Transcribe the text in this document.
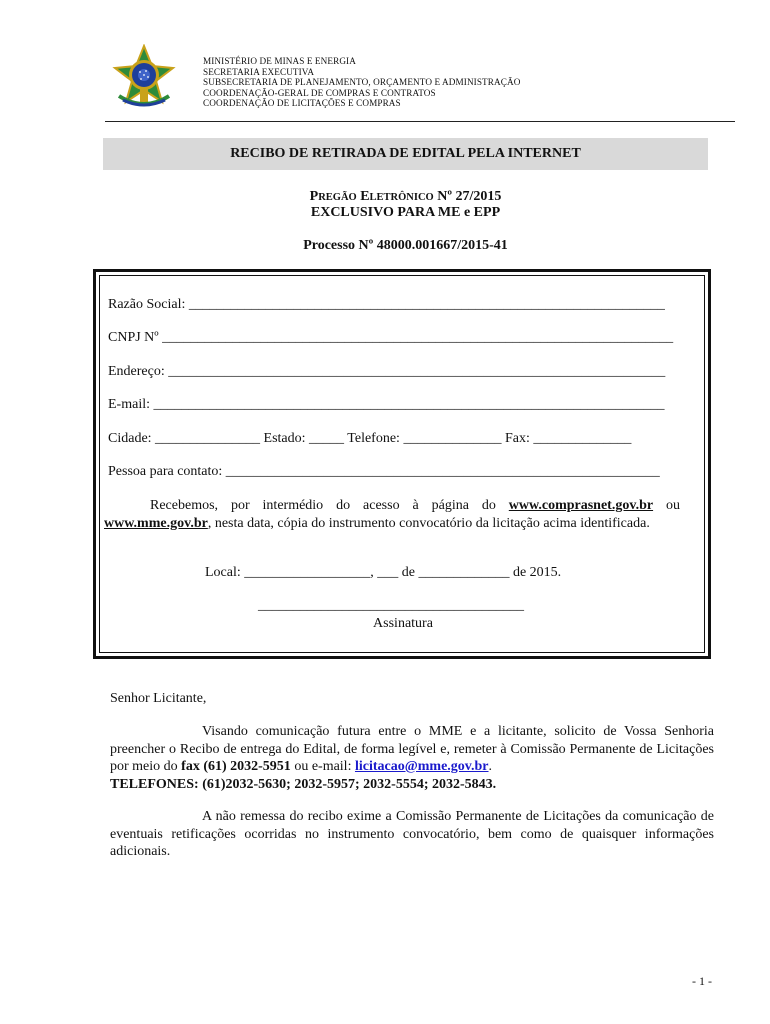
MINISTÉRIO DE MINAS E ENERGIA
SECRETARIA EXECUTIVA
SUBSECRETARIA DE PLANEJAMENTO, ORÇAMENTO E ADMINISTRAÇÃO
COORDENAÇÃO-GERAL DE COMPRAS E CONTRATOS
COORDENAÇÃO DE LICITAÇÕES E COMPRAS
RECIBO DE RETIRADA DE EDITAL PELA INTERNET
PREGÃO ELETRÔNICO Nº 27/2015
EXCLUSIVO PARA ME e EPP
Processo Nº 48000.001667/2015-41
Razão Social: ____________________________________________________________________
CNPJ Nº _________________________________________________________________________
Endereço: _______________________________________________________________________
E-mail: _________________________________________________________________________
Cidade: _______________ Estado: _____ Telefone: ______________ Fax: ______________
Pessoa para contato: ______________________________________________________________
Recebemos, por intermédio do acesso à página do www.comprasnet.gov.br ou www.mme.gov.br, nesta data, cópia do instrumento convocatório da licitação acima identificada.
Local: __________________, ___ de _____________ de 2015.
______________________________________
Assinatura
Senhor Licitante,
Visando comunicação futura entre o MME e a licitante, solicito de Vossa Senhoria preencher o Recibo de entrega do Edital, de forma legível e, remeter à Comissão Permanente de Licitações por meio do fax (61) 2032-5951 ou e-mail: licitacao@mme.gov.br.
TELEFONES: (61)2032-5630; 2032-5957; 2032-5554; 2032-5843.
A não remessa do recibo exime a Comissão Permanente de Licitações da comunicação de eventuais retificações ocorridas no instrumento convocatório, bem como de quaisquer informações adicionais.
- 1 -
